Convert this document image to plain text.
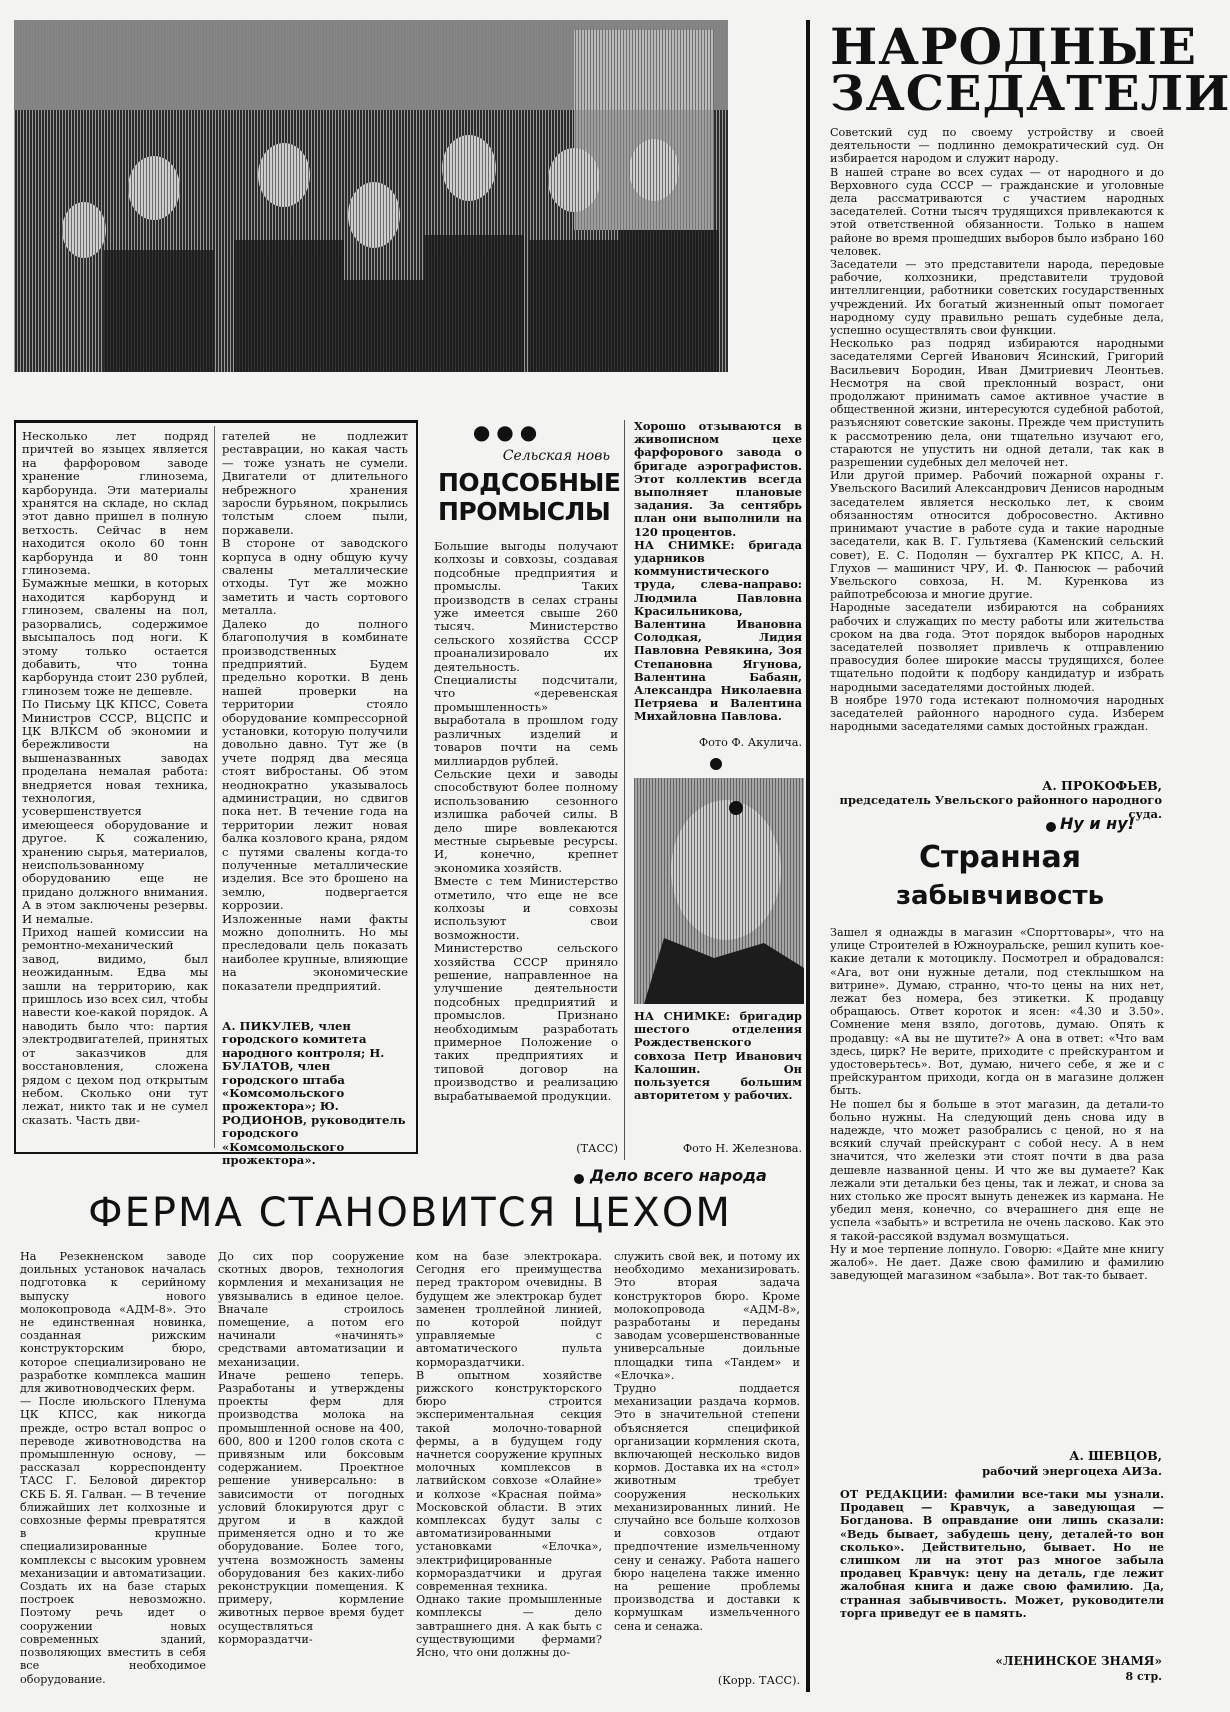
Несколько лет подряд причтей во языцех является на фарфоровом заводе хранение глинозема, карборунда. Эти материалы хранятся на складе, но склад этот давно пришел в полную ветхость. Сейчас в нем находится около 60 тонн карборунда и 80 тонн глинозема.
Бумажные мешки, в которых находится карборунд и глинозем, свалены на пол, разорвались, содержимое высыпалось под ноги. К этому только остается добавить, что тонна карборунда стоит 230 рублей, глинозем тоже не дешевле.
По Письму ЦК КПСС, Совета Министров СССР, ВЦСПС и ЦК ВЛКСМ об экономии и бережливости на вышеназванных заводах проделана немалая работа: внедряется новая техника, технология, усовершенствуется имеющееся оборудование и другое. К сожалению, хранению сырья, материалов, неиспользованному оборудованию еще не придано должного внимания. А в этом заключены резервы. И немалые.
Приход нашей комиссии на ремонтно-механический завод, видимо, был неожиданным. Едва мы зашли на территорию, как пришлось изо всех сил, чтобы навести кое-какой порядок. А наводить было что: партия электродвигателей, принятых от заказчиков для восстановления, сложена рядом с цехом под открытым небом. Сколько они тут лежат, никто так и не сумел сказать. Часть дви-
гателей не подлежит реставрации, но какая часть — тоже узнать не сумели. Двигатели от длительного небрежного хранения заросли бурьяном, покрылись толстым слоем пыли, поржавели.
В стороне от заводского корпуса в одну общую кучу свалены металлические отходы. Тут же можно заметить и часть сортового металла.
Далеко до полного благополучия в комбинате производственных предприятий. Будем предельно коротки. В день нашей проверки на территории стояло оборудование компрессорной установки, которую получили довольно давно. Тут же (в учете подряд два месяца стоят вибростаны. Об этом неоднократно указывалось администрации, но сдвигов пока нет. В течение года на территории лежит новая балка козлового крана, рядом с путями свалены когда-то полученные металлические изделия. Все это брошено на землю, подвергается коррозии.
Изложенные нами факты можно дополнить. Но мы преследовали цель показать наиболее крупные, влияющие на экономические показатели предприятий.
А. ПИКУЛЕВ, член городского комитета народного контроля; Н. БУЛАТОВ, член городского штаба «Комсомольского прожектора»; Ю. РОДИОНОВ, руководитель городского «Комсомольского прожектора».
●●●
Сельская новь
ПОДСОБНЫЕ ПРОМЫСЛЫ
Большие выгоды получают колхозы и совхозы, создавая подсобные предприятия и промыслы. Таких производств в селах страны уже имеется свыше 260 тысяч. Министерство сельского хозяйства СССР проанализировало их деятельность.
Специалисты подсчитали, что «деревенская промышленность» выработала в прошлом году различных изделий и товаров почти на семь миллиардов рублей.
Сельские цехи и заводы способствуют более полному использованию сезонного излишка рабочей силы. В дело шире вовлекаются местные сырьевые ресурсы. И, конечно, крепнет экономика хозяйств.
Вместе с тем Министерство отметило, что еще не все колхозы и совхозы используют свои возможности.
Министерство сельского хозяйства СССР приняло решение, направленное на улучшение деятельности подсобных предприятий и промыслов. Признано необходимым разработать примерное Положение о таких предприятиях и типовой договор на производство и реализацию вырабатываемой продукции.
(ТАСС)
Хорошо отзываются в живописном цехе фарфорового завода о бригаде аэрографистов. Этот коллектив всегда выполняет плановые задания. За сентябрь план они выполнили на 120 процентов.
НА СНИМКЕ: бригада ударников коммунистического труда, слева-направо: Людмила Павловна Красильникова, Валентина Ивановна Солодкая, Лидия Павловна Ревякина, Зоя Степановна Ягунова, Валентина Бабаян, Александра Николаевна Петряева и Валентина Михайловна Павлова.
Фото Ф. Акулича.
НА СНИМКЕ: бригадир шестого отделения Рождественского совхоза Петр Иванович Калошин. Он пользуется большим авторитетом у рабочих.
Фото Н. Железнова.
НАРОДНЫЕ
ЗАСЕДАТЕЛИ
Советский суд по своему устройству и своей деятельности — подлинно демократический суд. Он избирается народом и служит народу.
В нашей стране во всех судах — от народного и до Верховного суда СССР — гражданские и уголовные дела рассматриваются с участием народных заседателей. Сотни тысяч трудящихся привлекаются к этой ответственной обязанности. Только в нашем районе во время прошедших выборов было избрано 160 человек.
Заседатели — это представители народа, передовые рабочие, колхозники, представители трудовой интеллигенции, работники советских государственных учреждений. Их богатый жизненный опыт помогает народному суду правильно решать судебные дела, успешно осуществлять свои функции.
Несколько раз подряд избираются народными заседателями Сергей Иванович Ясинский, Григорий Васильевич Бородин, Иван Дмитриевич Леонтьев. Несмотря на свой преклонный возраст, они продолжают принимать самое активное участие в общественной жизни, интересуются судебной работой, разъясняют советские законы. Прежде чем приступить к рассмотрению дела, они тщательно изучают его, стараются не упустить ни одной детали, так как в разрешении судебных дел мелочей нет.
Или другой пример. Рабочий пожарной охраны г. Увельского Василий Александрович Денисов народным заседателем является несколько лет, к своим обязанностям относится добросовестно. Активно принимают участие в работе суда и такие народные заседатели, как В. Г. Гультяева (Каменский сельский совет), Е. С. Подолян — бухгалтер РК КПСС, А. Н. Глухов — машинист ЧРУ, И. Ф. Панюсюк — рабочий Увельского совхоза, Н. М. Куренкова из райпотребсоюза и многие другие.
Народные заседатели избираются на собраниях рабочих и служащих по месту работы или жительства сроком на два года. Этот порядок выборов народных заседателей позволяет привлечь к отправлению правосудия более широкие массы трудящихся, более тщательно подойти к подбору кандидатур и избрать народными заседателями достойных людей.
В ноябре 1970 года истекают полномочия народных заседателей районного народного суда. Изберем народными заседателями самых достойных граждан.
А. ПРОКОФЬЕВ,
председатель Увельского районного народного суда.
Ну и ну!
Странная
забывчивость
Зашел я однажды в магазин «Спорттовары», что на улице Строителей в Южноуральске, решил купить кое-какие детали к мотоциклу. Посмотрел и обрадовался: «Ага, вот они нужные детали, под стеклышком на витрине». Думаю, странно, что-то цены на них нет, лежат без номера, без этикетки. К продавцу обращаюсь. Ответ короток и ясен: «4.30 и 3.50». Сомнение меня взяло, доготовь, думаю. Опять к продавцу: «А вы не шутите?» А она в ответ: «Что вам здесь, цирк? Не верите, приходите с прейскурантом и удостоверьтесь». Вот, думаю, ничего себе, я же и с прейскурантом приходи, когда он в магазине должен быть.
Не пошел бы я больше в этот магазин, да детали-то больно нужны. На следующий день снова иду в надежде, что может разобрались с ценой, но я на всякий случай прейскурант с собой несу. А в нем значится, что железки эти стоят почти в два раза дешевле названной цены. И что же вы думаете? Как лежали эти детальки без цены, так и лежат, и снова за них столько же просят вынуть денежек из кармана. Не убедил меня, конечно, со вчерашнего дня еще не успела «забыть» и встретила не очень ласково. Как это я такой-рассякой вздумал возмущаться.
Ну и мое терпение лопнуло. Говорю: «Дайте мне книгу жалоб». Не дает. Даже свою фамилию и фамилию заведующей магазином «забыла». Вот так-то бывает.
А. ШЕВЦОВ,
рабочий энергоцеха АИЗа.
ОТ РЕДАКЦИИ: фамилии все-таки мы узнали. Продавец — Кравчук, а заведующая — Богданова. В оправдание они лишь сказали: «Ведь бывает, забудешь цену, деталей-то вон сколько». Действительно, бывает. Но не слишком ли на этот раз многое забыла продавец Кравчук: цену на деталь, где лежит жалобная книга и даже свою фамилию. Да, странная забывчивость. Может, руководители торга приведут ее в память.
«ЛЕНИНСКОЕ ЗНАМЯ»
8 стр.
Дело всего народа
ФЕРМА СТАНОВИТСЯ ЦЕХОМ
На Резекненском заводе доильных установок началась подготовка к серийному выпуску нового молокопровода «АДМ-8». Это не единственная новинка, созданная рижским конструкторским бюро, которое специализировано не разработке комплекса машин для животноводческих ферм.
— После июльского Пленума ЦК КПСС, как никогда прежде, остро встал вопрос о переводе животноводства на промышленную основу, — рассказал корреспонденту ТАСС Г. Беловой директор СКБ Б. Я. Галван. — В течение ближайших лет колхозные и совхозные фермы превратятся в крупные специализированные комплексы с высоким уровнем механизации и автоматизации. Создать их на базе старых построек невозможно. Поэтому речь идет о сооружении новых современных зданий, позволяющих вместить в себя все необходимое оборудование.
До сих пор сооружение скотных дворов, технология кормления и механизация не увязывались в единое целое. Вначале строилось помещение, а потом его начинали «начинять» средствами автоматизации и механизации.
Иначе решено теперь. Разработаны и утверждены проекты ферм для производства молока на промышленной основе на 400, 600, 800 и 1200 голов скота с привязным или боксовым содержанием. Проектное решение универсально: в зависимости от погодных условий блокируются друг с другом и в каждой применяется одно и то же оборудование. Более того, учтена возможность замены оборудования без каких-либо реконструкции помещения. К примеру, кормление животных первое время будет осуществляться кормораздатчи-
ком на базе электрокара. Сегодня его преимущества перед трактором очевидны. В будущем же электрокар будет заменен троллейной линией, по которой пойдут управляемые с автоматического пульта кормораздатчики.
В опытном хозяйстве рижского конструкторского бюро строится экспериментальная секция такой молочно-товарной фермы, а в будущем году начнется сооружение крупных молочных комплексов в латвийском совхозе «Олайне» и колхозе «Красная пойма» Московской области. В этих комплексах будут залы с автоматизированными установками «Елочка», электрифицированные кормораздатчики и другая современная техника.
Однако такие промышленные комплексы — дело завтрашнего дня. А как быть с существующими фермами? Ясно, что они должны до-
служить свой век, и потому их необходимо механизировать. Это вторая задача конструкторов бюро. Кроме молокопровода «АДМ-8», разработаны и переданы заводам усовершенствованные универсальные доильные площадки типа «Тандем» и «Елочка».
Трудно поддается механизации раздача кормов. Это в значительной степени объясняется спецификой организации кормления скота, включающей несколько видов кормов. Доставка их на «стол» животным требует сооружения нескольких механизированных линий. Не случайно все больше колхозов и совхозов отдают предпочтение измельченному сену и сенажу. Работа нашего бюро нацелена также именно на решение проблемы производства и доставки к кормушкам измельченного сена и сенажа.
(Корр. ТАСС).
